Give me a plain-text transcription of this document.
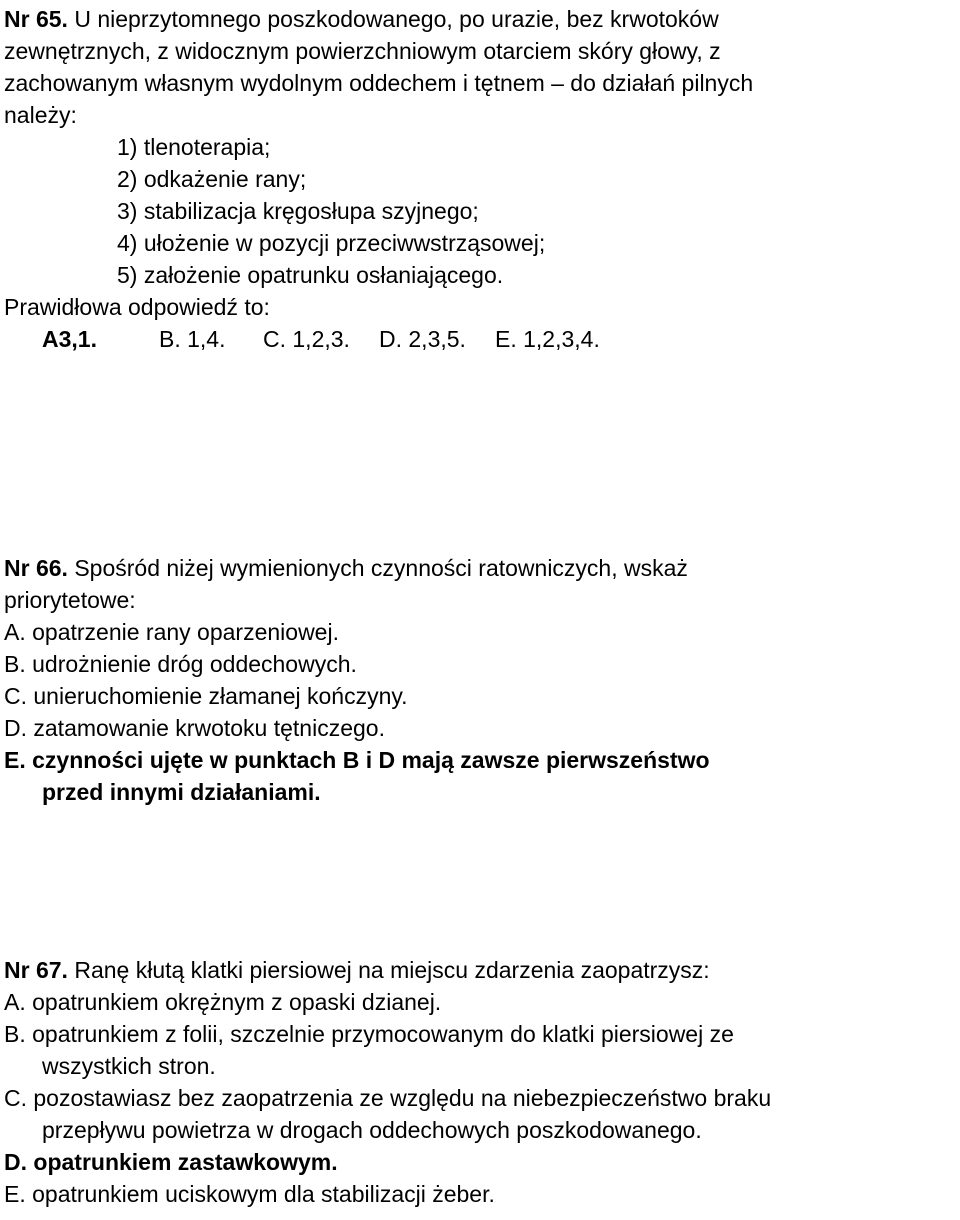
Nr 65. U nieprzytomnego poszkodowanego, po urazie, bez krwotoków
zewnętrznych, z widocznym powierzchniowym otarciem skóry głowy, z
zachowanym własnym wydolnym oddechem i tętnem – do działań pilnych
należy:
1) tlenoterapia;
2) odkażenie rany;
3) stabilizacja kręgosłupa szyjnego;
4) ułożenie w pozycji przeciwwstrząsowej;
5) założenie opatrunku osłaniającego.
Prawidłowa odpowiedź to:
A3,1.	B. 1,4. C. 1,2,3. D. 2,3,5. E. 1,2,3,4.
Nr 66. Spośród niżej wymienionych czynności ratowniczych, wskaż
priorytetowe:
A. opatrzenie rany oparzeniowej.
B. udrożnienie dróg oddechowych.
C. unieruchomienie złamanej kończyny.
D. zatamowanie krwotoku tętniczego.
E. czynności ujęte w punktach B i D mają zawsze pierwszeństwo
przed innymi działaniami.
Nr 67. Ranę kłutą klatki piersiowej na miejscu zdarzenia zaopatrzysz:
A. opatrunkiem okrężnym z opaski dzianej.
B. opatrunkiem z folii, szczelnie przymocowanym do klatki piersiowej ze
wszystkich stron.
C. pozostawiasz bez zaopatrzenia ze względu na niebezpieczeństwo braku
przepływu powietrza w drogach oddechowych poszkodowanego.
D. opatrunkiem zastawkowym.
E. opatrunkiem uciskowym dla stabilizacji żeber.
